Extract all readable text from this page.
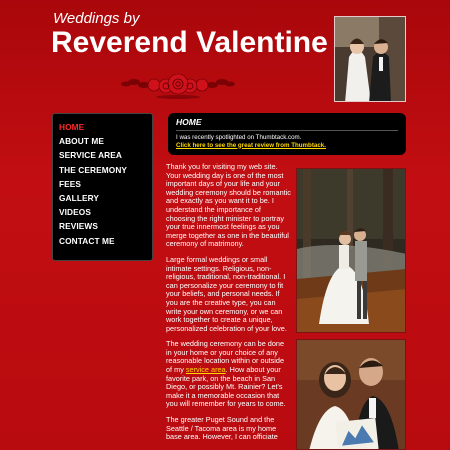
Weddings by
Reverend Valentine
HOME
ABOUT ME
SERVICE AREA
THE CEREMONY
FEES
GALLERY
VIDEOS
REVIEWS
CONTACT ME
HOME
I was recently spotlighted on Thumbtack.com.
Click here to see the great review from Thumbtack.

Thank you for visiting my web site. Your wedding day is one of the most important days of your life and your wedding ceremony should be romantic and exactly as you want it to be. I understand the importance of choosing the right minister to portray your true innermost feelings as you merge together as one in the beautiful ceremony of matrimony.

Large formal weddings or small intimate settings. Religious, non-religious, traditional, non-traditional. I can personalize your ceremony to fit your beliefs, and personal needs. If you are the creative type, you can write your own ceremony, or we can work together to create a unique, personalized celebration of your love.

The wedding ceremony can be done in your home or your choice of any reasonable location within or outside of my service area. How about your favorite park, on the beach in San Diego, or possibly Mt. Rainier? Let's make it a memorable occasion that you will remember for years to come.

The greater Puget Sound and the Seattle / Tacoma area is my home base area. However, I can officiate
